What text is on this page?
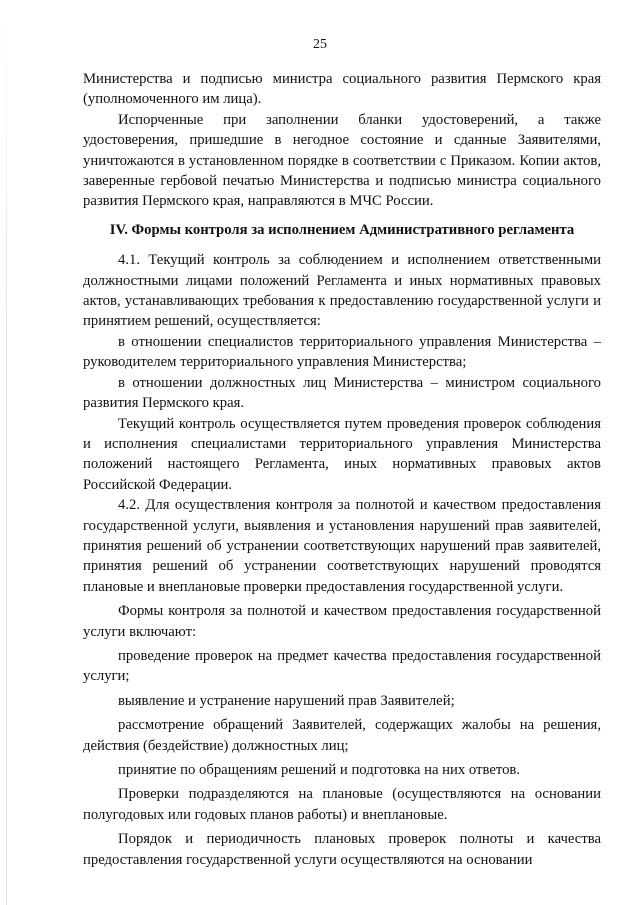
25

Министерства и подписью министра социального развития Пермского края (уполномоченного им лица).

Испорченные при заполнении бланки удостоверений, а также удостоверения, пришедшие в негодное состояние и сданные Заявителями, уничтожаются в установленном порядке в соответствии с Приказом. Копии актов, заверенные гербовой печатью Министерства и подписью министра социального развития Пермского края, направляются в МЧС России.

IV. Формы контроля за исполнением Административного регламента

4.1. Текущий контроль за соблюдением и исполнением ответственными должностными лицами положений Регламента и иных нормативных правовых актов, устанавливающих требования к предоставлению государственной услуги и принятием решений, осуществляется:

в отношении специалистов территориального управления Министерства – руководителем территориального управления Министерства;

в отношении должностных лиц Министерства – министром социального развития Пермского края.

Текущий контроль осуществляется путем проведения проверок соблюдения и исполнения специалистами территориального управления Министерства положений настоящего Регламента, иных нормативных правовых актов Российской Федерации.

4.2. Для осуществления контроля за полнотой и качеством предоставления государственной услуги, выявления и установления нарушений прав заявителей, принятия решений об устранении соответствующих нарушений прав заявителей, принятия решений об устранении соответствующих нарушений проводятся плановые и внеплановые проверки предоставления государственной услуги.

Формы контроля за полнотой и качеством предоставления государственной услуги включают:

проведение проверок на предмет качества предоставления государственной услуги;

выявление и устранение нарушений прав Заявителей;

рассмотрение обращений Заявителей, содержащих жалобы на решения, действия (бездействие) должностных лиц;

принятие по обращениям решений и подготовка на них ответов.

Проверки подразделяются на плановые (осуществляются на основании полугодовых или годовых планов работы) и внеплановые.

Порядок и периодичность плановых проверок полноты и качества предоставления государственной услуги осуществляются на основании
